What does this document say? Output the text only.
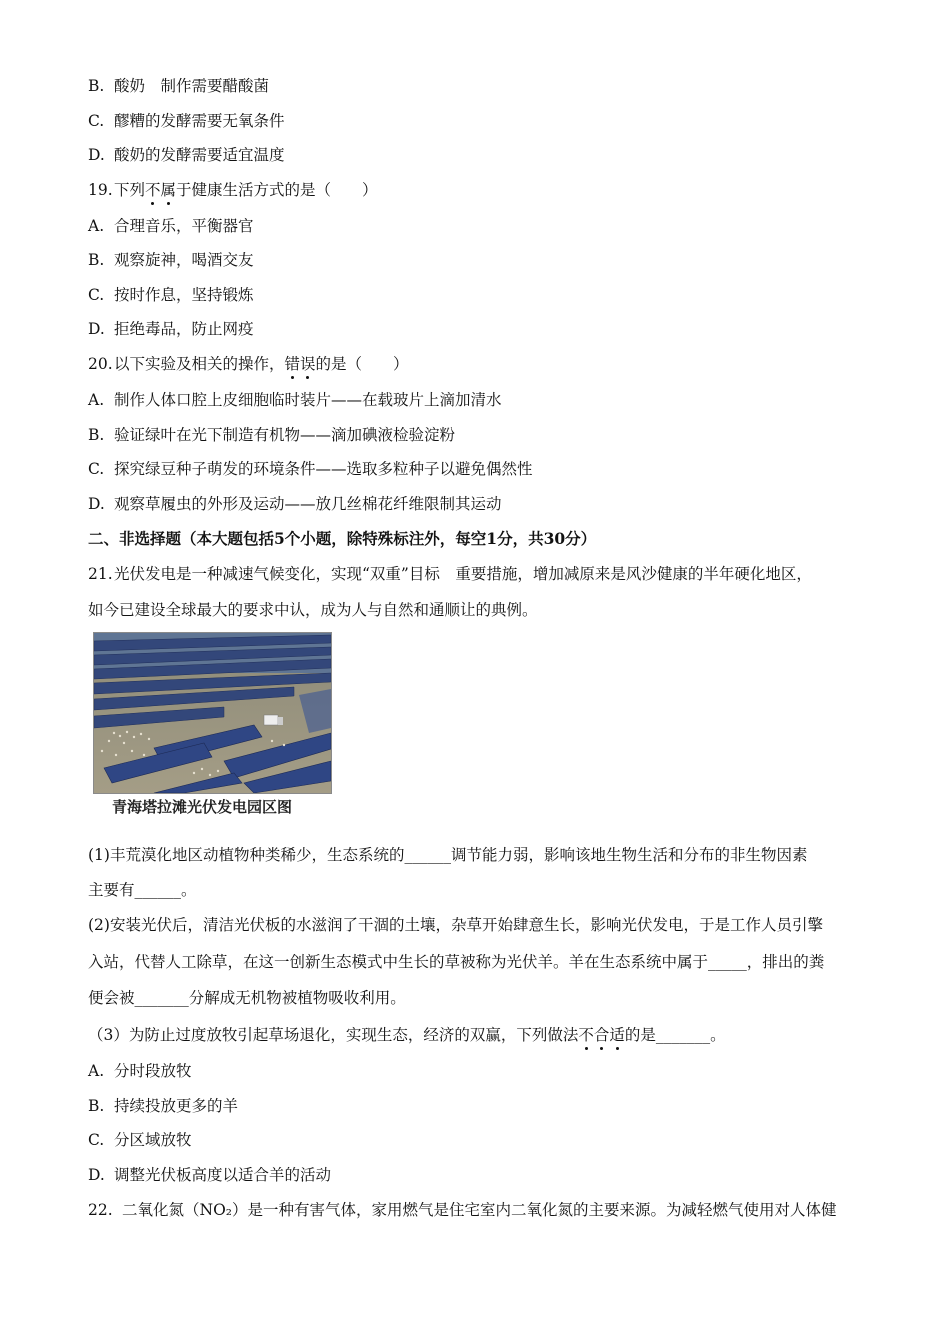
B. 酸奶　制作需要醋酸菌
C. 醪糟的发酵需要无氧条件
D. 酸奶的发酵需要适宜温度
19.下列不属于健康生活方式的是（　　）
A. 合理音乐，平衡器官
B. 观察旋神，喝酒交友
C. 按时作息，坚持锻炼
D. 拒绝毒品，防止网疫
20.以下实验及相关的操作，错误的是（　　）
A. 制作人体口腔上皮细胞临时装片——在载玻片上滴加清水
B. 验证绿叶在光下制造有机物——滴加碘液检验淀粉
C. 探究绿豆种子萌发的环境条件——选取多粒种子以避免偶然性
D. 观察草履虫的外形及运动——放几丝棉花纤维限制其运动
二、非选择题（本大题包括5个小题，除特殊标注外，每空1分，共30分）
21.光伏发电是一种减速气候变化，实现“双重”目标　重要措施，增加减原来是风沙健康的半年硬化地区，
如今已建设全球最大的要求中认，成为人与自然和通顺让的典例。
青海塔拉滩光伏发电园区图
(1)丰荒漠化地区动植物种类稀少，生态系统的______调节能力弱，影响该地生物生活和分布的非生物因素
主要有______。
(2)安装光伏后，清洁光伏板的水滋润了干涸的土壤，杂草开始肆意生长，影响光伏发电，于是工作人员引擎
入站，代替人工除草，在这一创新生态模式中生长的草被称为光伏羊。羊在生态系统中属于_____，排出的粪
便会被_______分解成无机物被植物吸收利用。
（3）为防止过度放牧引起草场退化，实现生态，经济的双赢，下列做法不合适的是_______。
A. 分时段放牧
B. 持续投放更多的羊
C. 分区域放牧
D. 调整光伏板高度以适合羊的活动
22. 二氧化氮（NO₂）是一种有害气体，家用燃气是住宅室内二氧化氮的主要来源。为减轻燃气使用对人体健
